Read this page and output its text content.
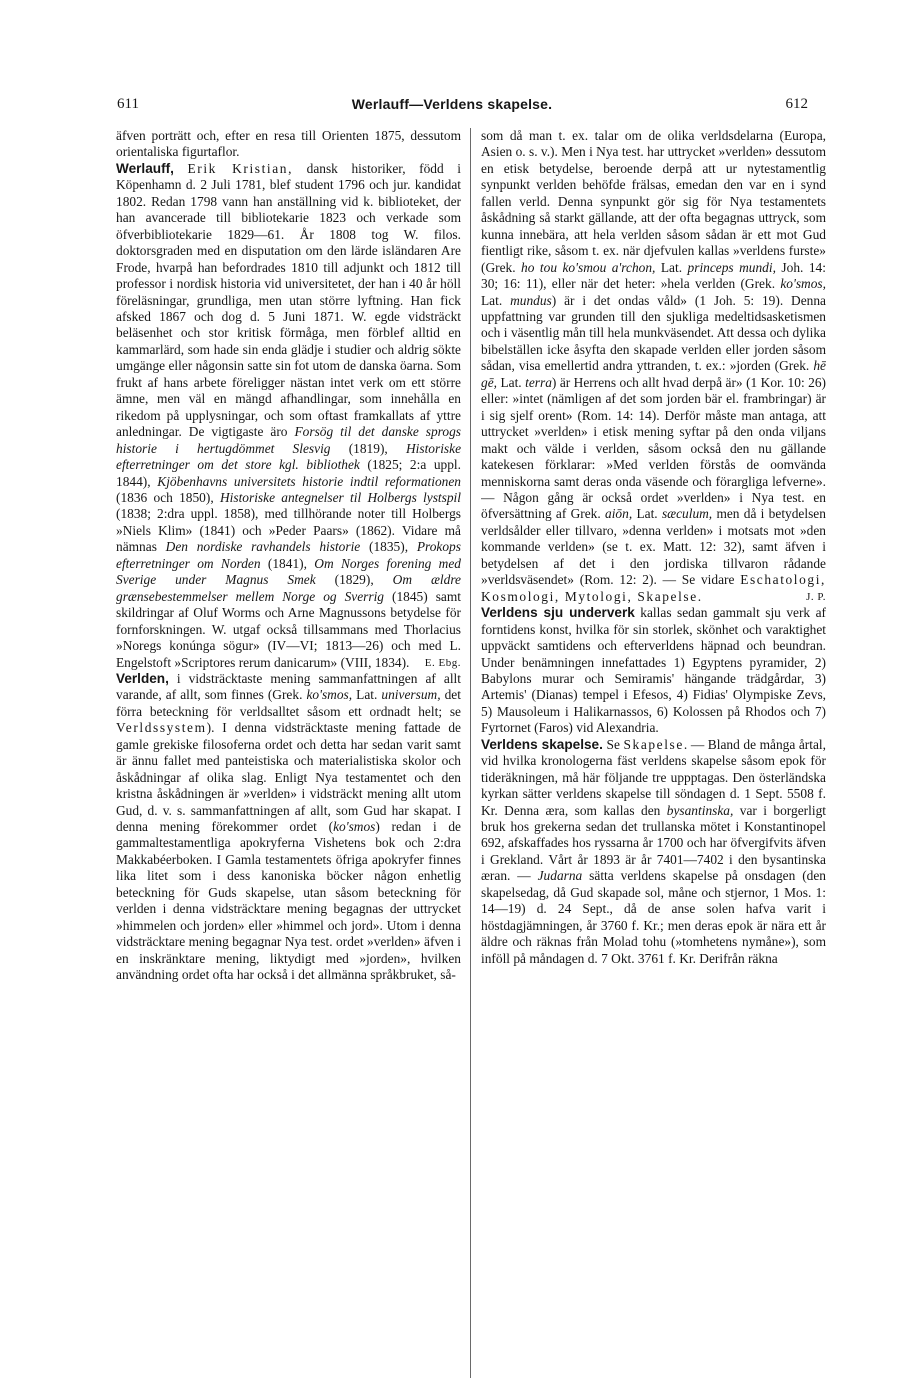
611	Werlauff—Verldens skapelse.	612

äfven porträtt och, efter en resa till Orienten 1875, dessutom orientaliska figurtaflor.

Werlauff, Erik Kristian, dansk historiker, född i Köpenhamn d. 2 Juli 1781, blef student 1796 och jur. kandidat 1802. Redan 1798 vann han anställning vid k. biblioteket, der han avancerade till bibliotekarie 1823 och verkade som öfverbibliotekarie 1829—61. År 1808 tog W. filos. doktorsgraden med en disputation om den lärde isländaren Are Frode, hvarpå han befordrades 1810 till adjunkt och 1812 till professor i nordisk historia vid universitetet, der han i 40 år höll föreläsningar, grundliga, men utan större lyftning. Han fick afsked 1867 och dog d. 5 Juni 1871. W. egde vidsträckt beläsenhet och stor kritisk förmåga, men förblef alltid en kammarlärd, som hade sin enda glädje i studier och aldrig sökte umgänge eller någonsin satte sin fot utom de danska öarna. Som frukt af hans arbete föreligger nästan intet verk om ett större ämne, men väl en mängd afhandlingar, som innehålla en rikedom på upplysningar, och som oftast framkallats af yttre anledningar. De vigtigaste äro Forsög til det danske sprogs historie i hertugdömmet Slesvig (1819), Historiske efterretninger om det store kgl. bibliothek (1825; 2:a uppl. 1844), Kjöbenhavns universitets historie indtil reformationen (1836 och 1850), Historiske antegnelser til Holbergs lystspil (1838; 2:dra uppl. 1858), med tillhörande noter till Holbergs »Niels Klim» (1841) och »Peder Paars» (1862). Vidare må nämnas Den nordiske ravhandels historie (1835), Prokops efterretninger om Norden (1841), Om Norges forening med Sverige under Magnus Smek (1829), Om ældre grænsebestemmelser mellem Norge og Sverrig (1845) samt skildringar af Oluf Worms och Arne Magnussons betydelse för fornforskningen. W. utgaf också tillsammans med Thorlacius »Noregs konúnga sögur» (IV—VI; 1813—26) och med L. Engelstoft »Scriptores rerum danicarum» (VIII, 1834). E. Ebg.

Verlden, i vidsträcktaste mening sammanfattningen af allt varande, af allt, som finnes (Grek. ko'smos, Lat. universum, det förra beteckning för verldsalltet såsom ett ordnadt helt; se Verldssystem). I denna vidsträcktaste mening fattade de gamle grekiske filosoferna ordet och detta har sedan varit samt är ännu fallet med panteistiska och materialistiska skolor och åskådningar af olika slag. Enligt Nya testamentet och den kristna åskådningen är »verlden» i vidsträckt mening allt utom Gud, d. v. s. sammanfattningen af allt, som Gud har skapat. I denna mening förekommer ordet (ko'smos) redan i de gammaltestamentliga apokryferna Vishetens bok och 2:dra Makkabéerboken. I Gamla testamentets öfriga apokryfer finnes lika litet som i dess kanoniska böcker någon enhetlig beteckning för Guds skapelse, utan såsom beteckning för verlden i denna vidsträcktare mening begagnas der uttrycket »himmelen och jorden» eller »himmel och jord». Utom i denna vidsträcktare mening begagnar Nya test. ordet »verlden» äfven i en inskränktare mening, liktydigt med »jorden», hvilken användning ordet ofta har också i det allmänna språkbruket, så-

som då man t. ex. talar om de olika verldsdelarna (Europa, Asien o. s. v.). Men i Nya test. har uttrycket »verlden» dessutom en etisk betydelse, beroende derpå att ur nytestamentlig synpunkt verlden behöfde frälsas, emedan den var en i synd fallen verld. Denna synpunkt gör sig för Nya testamentets åskådning så starkt gällande, att der ofta begagnas uttryck, som kunna innebära, att hela verlden såsom sådan är ett mot Gud fientligt rike, såsom t. ex. när djefvulen kallas »verldens furste» (Grek. ho tou ko'smou a'rchon, Lat. princeps mundi, Joh. 14: 30; 16: 11), eller när det heter: »hela verlden (Grek. ko'smos, Lat. mundus) är i det ondas våld» (1 Joh. 5: 19). Denna uppfattning var grunden till den sjukliga medeltidsasketismen och i väsentlig mån till hela munkväsendet. Att dessa och dylika bibelställen icke åsyfta den skapade verlden eller jorden såsom sådan, visa emellertid andra yttranden, t. ex.: »jorden (Grek. hē gē, Lat. terra) är Herrens och allt hvad derpå är» (1 Kor. 10: 26) eller: »intet (nämligen af det som jorden bär el. frambringar) är i sig sjelf orent» (Rom. 14: 14). Derför måste man antaga, att uttrycket »verlden» i etisk mening syftar på den onda viljans makt och välde i verlden, såsom också den nu gällande katekesen förklarar: »Med verlden förstås de oomvända menniskorna samt deras onda väsende och förargliga lefverne». — Någon gång är också ordet »verlden» i Nya test. en öfversättning af Grek. aiōn, Lat. sæculum, men då i betydelsen verldsålder eller tillvaro, »denna verlden» i motsats mot »den kommande verlden» (se t. ex. Matt. 12: 32), samt äfven i betydelsen af det i den jordiska tillvaron rådande »verldsväsendet» (Rom. 12: 2). — Se vidare Eschatologi, Kosmologi, Mytologi, Skapelse.	J. P.

Verldens sju underverk kallas sedan gammalt sju verk af forntidens konst, hvilka för sin storlek, skönhet och varaktighet uppväckt samtidens och efterverldens häpnad och beundran. Under benämningen innefattades 1) Egyptens pyramider, 2) Babylons murar och Semiramis' hängande trädgårdar, 3) Artemis' (Dianas) tempel i Efesos, 4) Fidias' Olympiske Zevs, 5) Mausoleum i Halikarnassos, 6) Kolossen på Rhodos och 7) Fyrtornet (Faros) vid Alexandria.

Verldens skapelse. Se Skapelse. — Bland de många årtal, vid hvilka kronologerna fäst verldens skapelse såsom epok för tideräkningen, må här följande tre uppptagas. Den österländska kyrkan sätter verldens skapelse till söndagen d. 1 Sept. 5508 f. Kr. Denna æra, som kallas den bysantinska, var i borgerligt bruk hos grekerna sedan det trullanska mötet i Konstantinopel 692, afskaffades hos ryssarna år 1700 och har öfvergifvits äfven i Grekland. Vårt år 1893 är år 7401—7402 i den bysantinska æran. — Judarna sätta verldens skapelse på onsdagen (den skapelsedag, då Gud skapade sol, måne och stjernor, 1 Mos. 1: 14—19) d. 24 Sept., då de anse solen hafva varit i höstdagjämningen, år 3760 f. Kr.; men deras epok är nära ett år äldre och räknas från Molad tohu (»tomhetens nymåne»), som inföll på måndagen d. 7 Okt. 3761 f. Kr. Derifrån räkna
